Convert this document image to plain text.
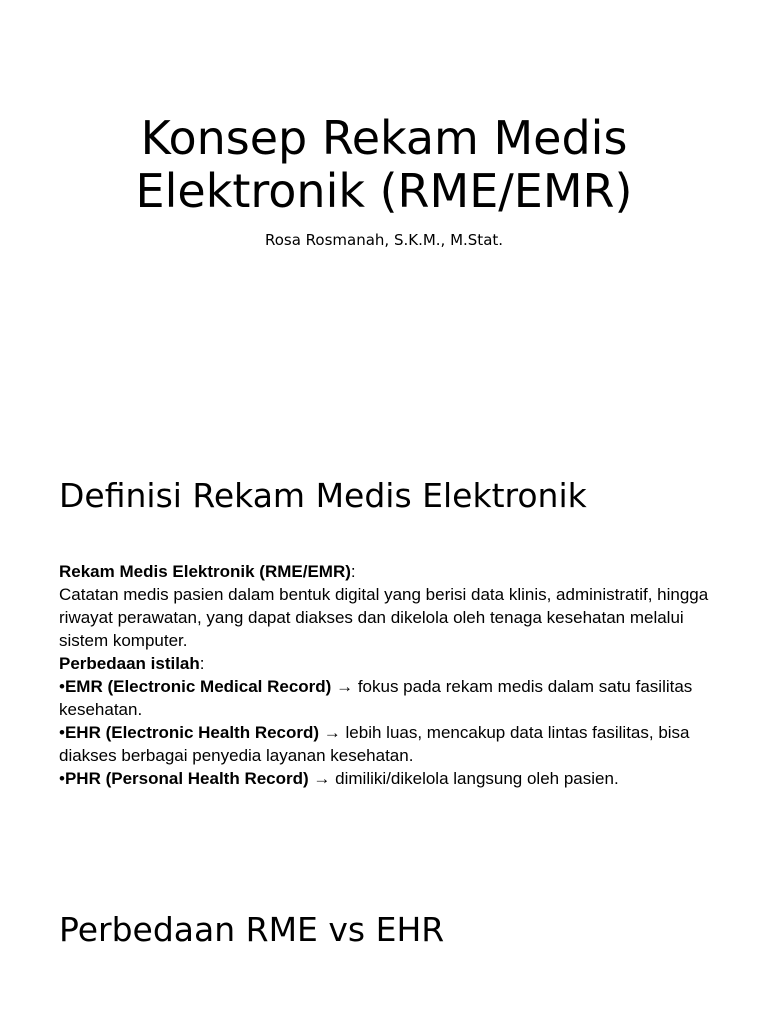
Konsep Rekam Medis
Elektronik (RME/EMR)
Rosa Rosmanah, S.K.M., M.Stat.
Definisi Rekam Medis Elektronik

Rekam Medis Elektronik (RME/EMR):

Catatan medis pasien dalam bentuk digital yang berisi data klinis, administratif, hingga riwayat perawatan, yang dapat diakses dan dikelola oleh tenaga kesehatan melalui sistem komputer.

Perbedaan istilah:

•EMR (Electronic Medical Record) → fokus pada rekam medis dalam satu fasilitas kesehatan.

•EHR (Electronic Health Record) → lebih luas, mencakup data lintas fasilitas, bisa diakses berbagai penyedia layanan kesehatan.

•PHR (Personal Health Record) → dimiliki/dikelola langsung oleh pasien.

Perbedaan RME vs EHR
